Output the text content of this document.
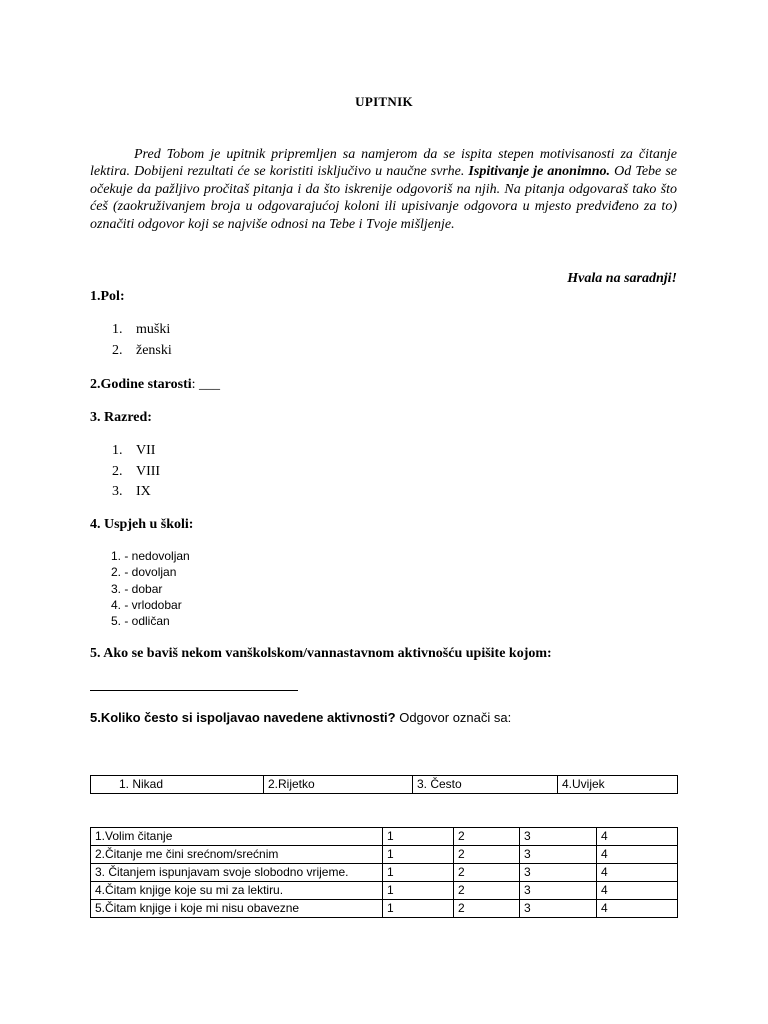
UPITNIK

Pred Tobom je upitnik pripremljen sa namjerom da se ispita stepen motivisanosti za čitanje lektira. Dobijeni rezultati će se koristiti isključivo u naučne svrhe. Ispitivanje je anonimno. Od Tebe se očekuje da pažljivo pročitaš pitanja i da što iskrenije odgovoriš na njih. Na pitanja odgovaraš tako što ćeš (zaokruživanjem broja u odgovarajućoj koloni ili upisivanje odgovora u mjesto predviđeno za to) označiti odgovor koji se najviše odnosi na Tebe i Tvoje mišljenje.

Hvala na saradnji!

1.Pol:

1. muški
2. ženski

2.Godine starosti: ___

3. Razred:

1. VII
2. VIII
3. IX

4. Uspjeh u školi:

1. - nedovoljan
2. - dovoljan
3. - dobar
4. - vrlodobar
5. - odličan

5. Ako se baviš nekom vanškolskom/vannastavnom aktivnošću upišite kojom:

5.Koliko često si ispoljavao navedene aktivnosti? Odgovor označi sa:
1. Nikad	2.Rijetko	3. Često	4.Uvijek
1.Volim čitanje	1	2	3	4
2.Čitanje me čini srećnom/srećnim	1	2	3	4
3. Čitanjem ispunjavam svoje slobodno vrijeme.	1	2	3	4
4.Čitam knjige koje su mi za lektiru.	1	2	3	4
5.Čitam knjige i koje mi nisu obavezne	1	2	3	4
